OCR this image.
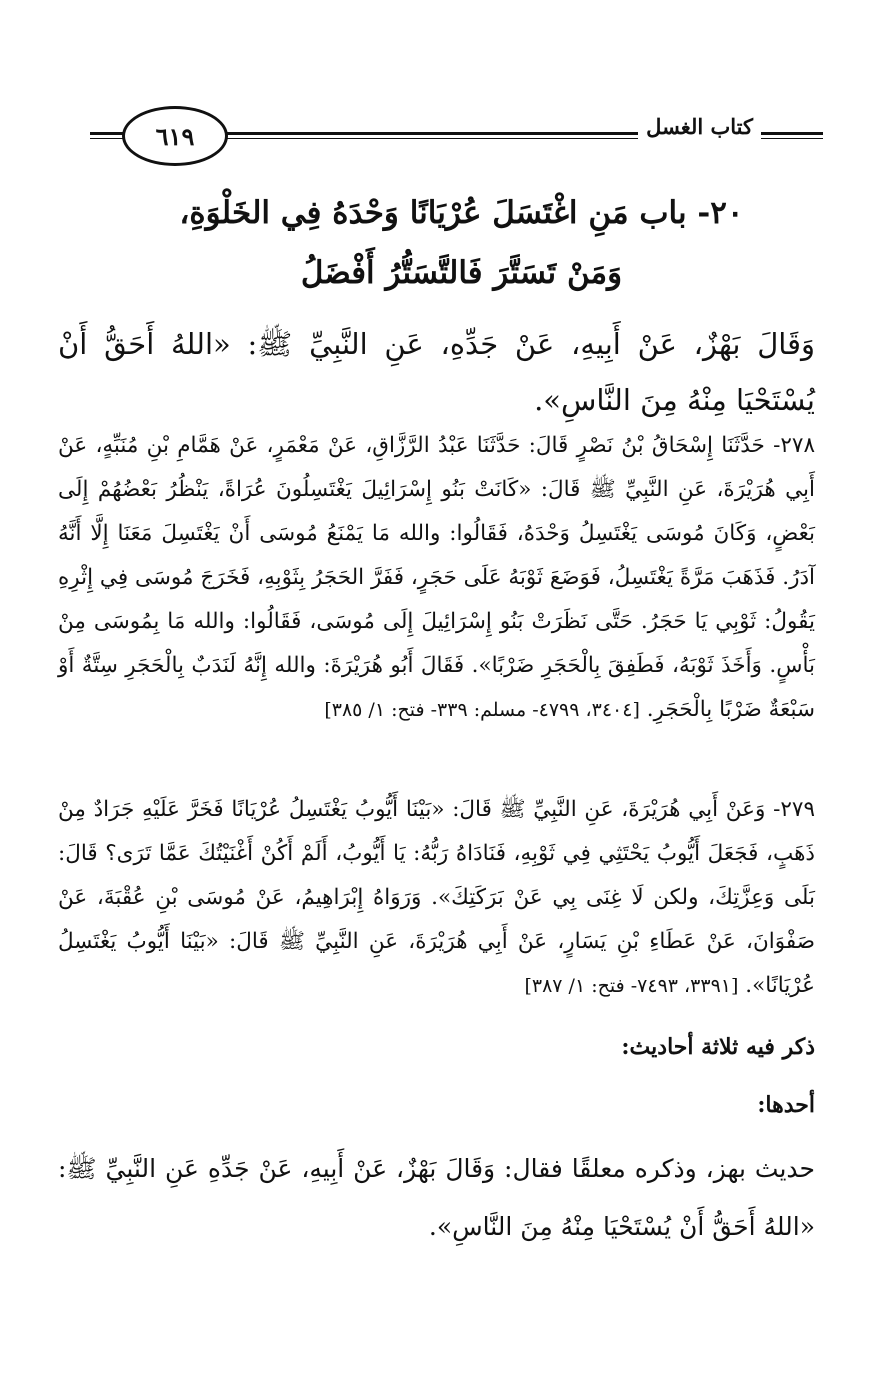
كتاب الغسل
٦١٩
٢٠- باب مَنِ اغْتَسَلَ عُرْيَانًا وَحْدَهُ فِي الخَلْوَةِ،
وَمَنْ تَسَتَّرَ فَالتَّسَتُّرُ أَفْضَلُ
وَقَالَ بَهْزٌ، عَنْ أَبِيهِ، عَنْ جَدِّهِ، عَنِ النَّبِيِّ ﷺ: «اللهُ أَحَقُّ أَنْ يُسْتَحْيَا مِنْهُ مِنَ النَّاسِ».
٢٧٨- حَدَّثَنَا إِسْحَاقُ بْنُ نَصْرٍ قَالَ: حَدَّثَنَا عَبْدُ الرَّزَّاقِ، عَنْ مَعْمَرٍ، عَنْ هَمَّامِ بْنِ مُنَبِّهٍ، عَنْ أَبِي هُرَيْرَةَ، عَنِ النَّبِيِّ ﷺ قَالَ: «كَانَتْ بَنُو إِسْرَائِيلَ يَغْتَسِلُونَ عُرَاةً، يَنْظُرُ بَعْضُهُمْ إِلَى بَعْضٍ، وَكَانَ مُوسَى يَغْتَسِلُ وَحْدَهُ، فَقَالُوا: والله مَا يَمْنَعُ مُوسَى أَنْ يَغْتَسِلَ مَعَنَا إِلَّا أَنَّهُ آدَرُ. فَذَهَبَ مَرَّةً يَغْتَسِلُ، فَوَضَعَ ثَوْبَهُ عَلَى حَجَرٍ، فَفَرَّ الحَجَرُ بِثَوْبِهِ، فَخَرَجَ مُوسَى فِي إِثْرِهِ يَقُولُ: ثَوْبِي يَا حَجَرُ. حَتَّى نَظَرَتْ بَنُو إِسْرَائِيلَ إِلَى مُوسَى، فَقَالُوا: والله مَا بِمُوسَى مِنْ بَأْسٍ. وَأَخَذَ ثَوْبَهُ، فَطَفِقَ بِالْحَجَرِ ضَرْبًا». فَقَالَ أَبُو هُرَيْرَةَ: والله إِنَّهُ لَنَدَبٌ بِالْحَجَرِ سِتَّةٌ أَوْ سَبْعَةٌ ضَرْبًا بِالْحَجَرِ. [٣٤٠٤، ٤٧٩٩- مسلم: ٣٣٩- فتح: ١/ ٣٨٥]
٢٧٩- وَعَنْ أَبِي هُرَيْرَةَ، عَنِ النَّبِيِّ ﷺ قَالَ: «بَيْنَا أَيُّوبُ يَغْتَسِلُ عُرْيَانًا فَخَرَّ عَلَيْهِ جَرَادٌ مِنْ ذَهَبٍ، فَجَعَلَ أَيُّوبُ يَحْتَثِي فِي ثَوْبِهِ، فَنَادَاهُ رَبُّهُ: يَا أَيُّوبُ، أَلَمْ أَكُنْ أَغْنَيْتُكَ عَمَّا تَرَى؟ قَالَ: بَلَى وَعِزَّتِكَ، ولكن لَا غِنَى بِي عَنْ بَرَكَتِكَ». وَرَوَاهُ إِبْرَاهِيمُ، عَنْ مُوسَى بْنِ عُقْبَةَ، عَنْ صَفْوَانَ، عَنْ عَطَاءِ بْنِ يَسَارٍ، عَنْ أَبِي هُرَيْرَةَ، عَنِ النَّبِيِّ ﷺ قَالَ: «بَيْنَا أَيُّوبُ يَغْتَسِلُ عُرْيَانًا». [٣٣٩١، ٧٤٩٣- فتح: ١/ ٣٨٧]
ذكر فيه ثلاثة أحاديث:
أحدها:
حديث بهز، وذكره معلقًا فقال: وَقَالَ بَهْزٌ، عَنْ أَبِيهِ، عَنْ جَدِّهِ عَنِ النَّبِيِّ ﷺ: «اللهُ أَحَقُّ أَنْ يُسْتَحْيَا مِنْهُ مِنَ النَّاسِ».
